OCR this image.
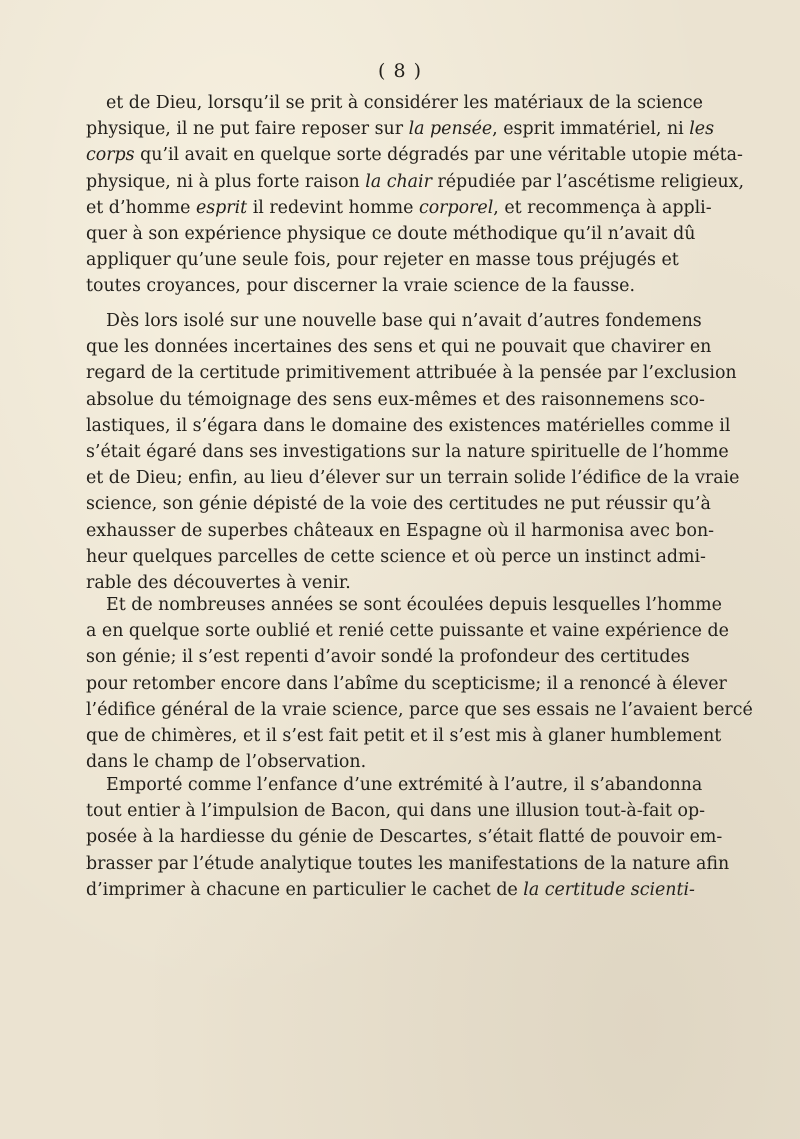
( 8 )
et de Dieu, lorsqu’il se prit à considérer les matériaux de la science
physique, il ne put faire reposer sur la pensée, esprit immatériel, ni les
corps qu’il avait en quelque sorte dégradés par une véritable utopie méta-
physique, ni à plus forte raison la chair répudiée par l’ascétisme religieux,
et d’homme esprit il redevint homme corporel, et recommença à appli-
quer à son expérience physique ce doute méthodique qu’il n’avait dû
appliquer qu’une seule fois, pour rejeter en masse tous préjugés et
toutes croyances, pour discerner la vraie science de la fausse.
Dès lors isolé sur une nouvelle base qui n’avait d’autres fondemens
que les données incertaines des sens et qui ne pouvait que chavirer en
regard de la certitude primitivement attribuée à la pensée par l’exclusion
absolue du témoignage des sens eux-mêmes et des raisonnemens sco-
lastiques, il s’égara dans le domaine des existences matérielles comme il
s’était égaré dans ses investigations sur la nature spirituelle de l’homme
et de Dieu; enfin, au lieu d’élever sur un terrain solide l’édifice de la vraie
science, son génie dépisté de la voie des certitudes ne put réussir qu’à
exhausser de superbes châteaux en Espagne où il harmonisa avec bon-
heur quelques parcelles de cette science et où perce un instinct admi-
rable des découvertes à venir.
Et de nombreuses années se sont écoulées depuis lesquelles l’homme
a en quelque sorte oublié et renié cette puissante et vaine expérience de
son génie; il s’est repenti d’avoir sondé la profondeur des certitudes
pour retomber encore dans l’abîme du scepticisme; il a renoncé à élever
l’édifice général de la vraie science, parce que ses essais ne l’avaient bercé
que de chimères, et il s’est fait petit et il s’est mis à glaner humblement
dans le champ de l’observation.
Emporté comme l’enfance d’une extrémité à l’autre, il s’abandonna
tout entier à l’impulsion de Bacon, qui dans une illusion tout-à-fait op-
posée à la hardiesse du génie de Descartes, s’était flatté de pouvoir em-
brasser par l’étude analytique toutes les manifestations de la nature afin
d’imprimer à chacune en particulier le cachet de la certitude scienti-
